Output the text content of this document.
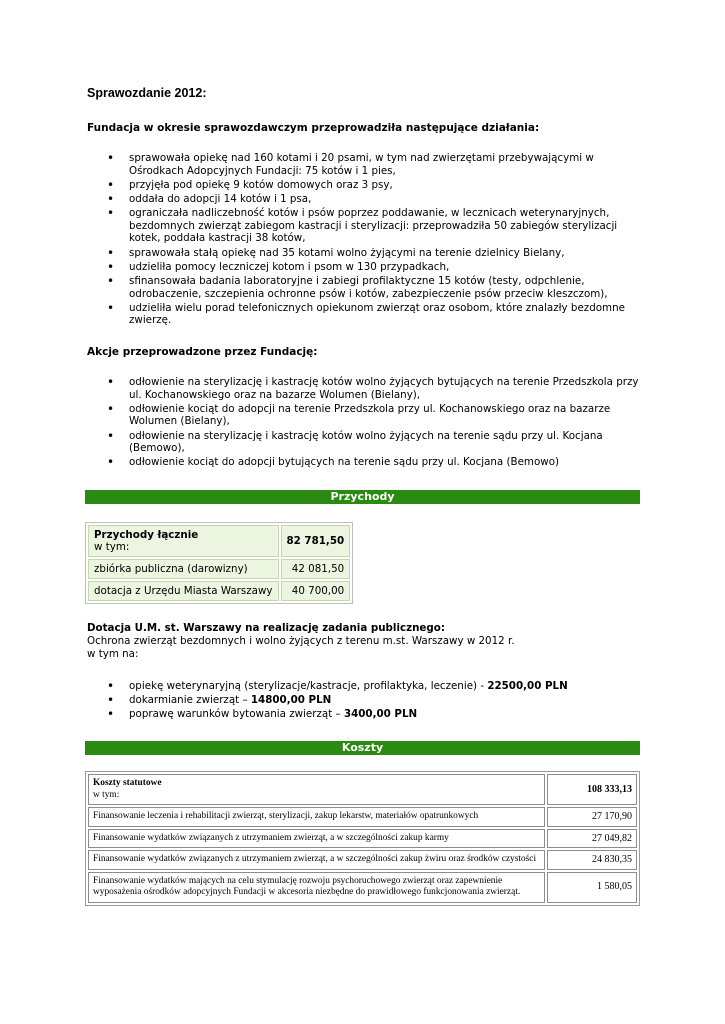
Sprawozdanie 2012:
Fundacja w okresie sprawozdawczym przeprowadziła następujące działania:
• sprawowała opiekę nad 160 kotami i 20 psami, w tym nad zwierzętami przebywającymi w Ośrodkach Adopcyjnych Fundacji: 75 kotów i 1 pies,
• przyjęła pod opiekę 9 kotów domowych oraz 3 psy,
• oddała do adopcji 14 kotów i 1 psa,
• ograniczała nadliczebność kotów i psów poprzez poddawanie, w lecznicach weterynaryjnych, bezdomnych zwierząt zabiegom kastracji i sterylizacji: przeprowadziła 50 zabiegów sterylizacji kotek, poddała kastracji 38 kotów,
• sprawowała stałą opiekę nad 35 kotami wolno żyjącymi na terenie dzielnicy Bielany,
• udzieliła pomocy leczniczej kotom i psom w 130 przypadkach,
• sfinansowała badania laboratoryjne i zabiegi profilaktyczne 15 kotów (testy, odpchlenie, odrobaczenie, szczepienia ochronne psów i kotów, zabezpieczenie psów przeciw kleszczom),
• udzieliła wielu porad telefonicznych opiekunom zwierząt oraz osobom, które znalazły bezdomne zwierzę.
Akcje przeprowadzone przez Fundację:
• odłowienie na sterylizację i kastrację kotów wolno żyjących bytujących na terenie Przedszkola przy ul. Kochanowskiego oraz na bazarze Wolumen (Bielany),
• odłowienie kociąt do adopcji na terenie Przedszkola przy ul. Kochanowskiego oraz na bazarze Wolumen (Bielany),
• odłowienie na sterylizację i kastrację kotów wolno żyjących na terenie sądu przy ul. Kocjana (Bemowo),
• odłowienie kociąt do adopcji bytujących na terenie sądu przy ul. Kocjana (Bemowo)
Przychody
Przychody łącznie
w tym:	82 781,50
zbiórka publiczna (darowizny)	42 081,50
dotacja z Urzędu Miasta Warszawy	40 700,00
Dotacja U.M. st. Warszawy na realizację zadania publicznego:
Ochrona zwierząt bezdomnych i wolno żyjących z terenu m.st. Warszawy w 2012 r.
w tym na:
• opiekę weterynaryjną (sterylizacje/kastracje, profilaktyka, leczenie) - 22500,00 PLN
• dokarmianie zwierząt – 14800,00 PLN
• poprawę warunków bytowania zwierząt – 3400,00 PLN
Koszty
Koszty statutowe
w tym:	108 333,13
Finansowanie leczenia i rehabilitacji zwierząt, sterylizacji, zakup lekarstw, materiałów opatrunkowych	27 170,90
Finansowanie wydatków związanych z utrzymaniem zwierząt, a w szczególności zakup karmy	27 049,82
Finansowanie wydatków związanych z utrzymaniem zwierząt, a w szczególności zakup żwiru oraz środków czystości	24 830,35
Finansowanie wydatków mających na celu stymulację rozwoju psychoruchowego zwierząt oraz zapewnienie wyposażenia ośrodków adopcyjnych Fundacji w akcesoria niezbędne do prawidłowego funkcjonowania zwierząt.	1 580,05
